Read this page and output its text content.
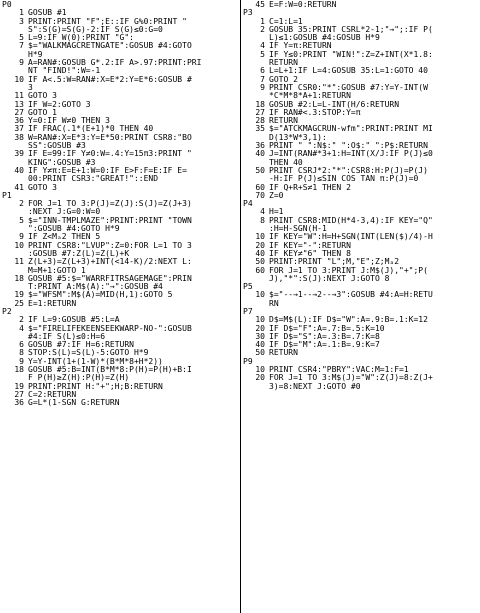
P0
1 GOSUB #1
3 PRINT:PRINT "F";E::IF G%0:PRINT "
S":S(G)=S(G)-2:IF S(G)≤0:G=0
5 L=9:IF W(0):PRINT "G":
7 $="WALKMAGCRETNGATE":GOSUB #4:GOTO
H*9
9 A=RAN#:GOSUB G*.2:IF A>.97:PRINT:PRI
NT "FIND!":W=-1
10 IF A<.5:W=RAN#:X=E*2:Y=E*6:GOSUB #
3
11 GOTO 3
13 IF W=2:GOTO 3
27 GOTO 1
36 Y=0:IF W≠0 THEN 3
37 IF FRAC(.1*(E+1)*0 THEN 40
38 W=RAN#:X=E*3:Y=E*50:PRINT CSR8:"BO
SS":GOSUB #3
39 IF E=99:IF Y≠0:W=.4:Y=15π3:PRINT "
KING":GOSUB #3
40 IF Y≠π:E=E+1:W=0:IF E>F:F=E:IF E=
00:PRINT CSR3:"GREAT!"::END
41 GOTO 3
P1
2 FOR J=1 TO 3:P(J)=Z(J):S(J)=Z(J+3)
:NEXT J:G=0:W=0
5 $="INN-TMPLMAZE":PRINT:PRINT "TOWN
":GOSUB #4:GOTO H*9
9 IF Z<Mₐ2 THEN 5
10 PRINT CSR8:"LVUP":Z=0:FOR L=1 TO 3
:GOSUB #7:Z(L)=Z(L)+K
11 Z(L+3)=Z(L+3)+INT(<14-K)/2:NEXT L:
M=M+1:GOTO 1
18 GOSUB #5:$="WARRFITRSAGEMAGE":PRIN
T:PRINT A:M$(A):"→":GOSUB #4
19 $="WFSM":M$(A)=MID(H,1):GOTO 5
25 E=1:RETURN
P2
2 IF L=9:GOSUB #5:L=A
4 $="FIRELIFEKEENSEEKWARP-NO-":GOSUB
#4:IF S(L)≤0:H=6
6 GOSUB #7:IF H=6:RETURN
8 STOP:S(L)=S(L)-5:GOTO H*9
9 Y=Y-INT(1+(1-W)*(B*M*8+H*2))
18 GOSUB #5:B=INT(B*M*8:P(H)=P(H)+B:I
F P(H)≥Z(H):P(H)=Z(H)
19 PRINT:PRINT H:"+";H;B:RETURN
27 C=2:RETURN
36 G=L*(1-SGN G:RETURN
45 E=F:W=0:RETURN
P3
1 C=1:L=1
2 GOSUB 35:PRINT CSRL*2-1;"→";:IF P(
L)≤1:GOSUB #4:GOSUB H*9
4 IF Y=π:RETURN
5 IF Y≤0:PRINT "WIN!":Z=Z+INT(X*1.8:
RETURN
6 L=L+1:IF L=4:GOSUB 35:L=1:GOTO 40
7 GOTO 2
9 PRINT CSR0:"*":GOSUB #7:Y=Y-INT(W
*C*M*8*A+1:RETURN
18 GOSUB #2:L=L-INT(H/6:RETURN
27 IF RAN#<.3:STOP:Y=π
28 RETURN
35 $="ATCKMAGCRUN-wfm":PRINT:PRINT MI
D(13*W*3,1):
36 PRINT " ":N$:" ":O$:" ":P$:RETURN
40 J=INT(RAN#*3+1:H=INT(X/J:IF P(J)≤0
THEN 40
50 PRINT CSRJ*2:"*":CSR8:H:P(J)=P(J)
-H:IF P(J)≤SIN COS TAN π:P(J)=0
60 IF Q+R+S≠1 THEN 2
70 Z=0
P4
4 H=1
8 PRINT CSR8:MID(H*4-3,4):IF KEY="Q"
:H=H-SGN(H-1
10 IF KEY="W":H=H+SGN(INT(LEN($)/4)-H
20 IF KEY="-":RETURN
40 IF KEY≠"6" THEN 8
50 PRINT:PRINT "L";M,"E";Z;Mₐ2
60 FOR J=1 TO 3:PRINT J:M$(J),"+";P(
J),"*":S(J):NEXT J:GOTO 8
P5
10 $="--→1--→2--→3":GOSUB #4:A=H:RETU
RN
P7
10 D$=M$(L):IF D$="W":A=.9:B=.1:K=12
20 IF D$="F":A=.7:B=.5:K=10
30 IF D$="S":A=.3:B=.7:K=8
40 IF D$="M":A=.1:B=.9:K=7
50 RETURN
P9
10 PRINT CSR4:"PBRY":VAC:M=1:F=1
20 FOR J=1 TO 3:M$(J)="W":Z(J)=8:Z(J+
3)=8:NEXT J:GOTO #0
